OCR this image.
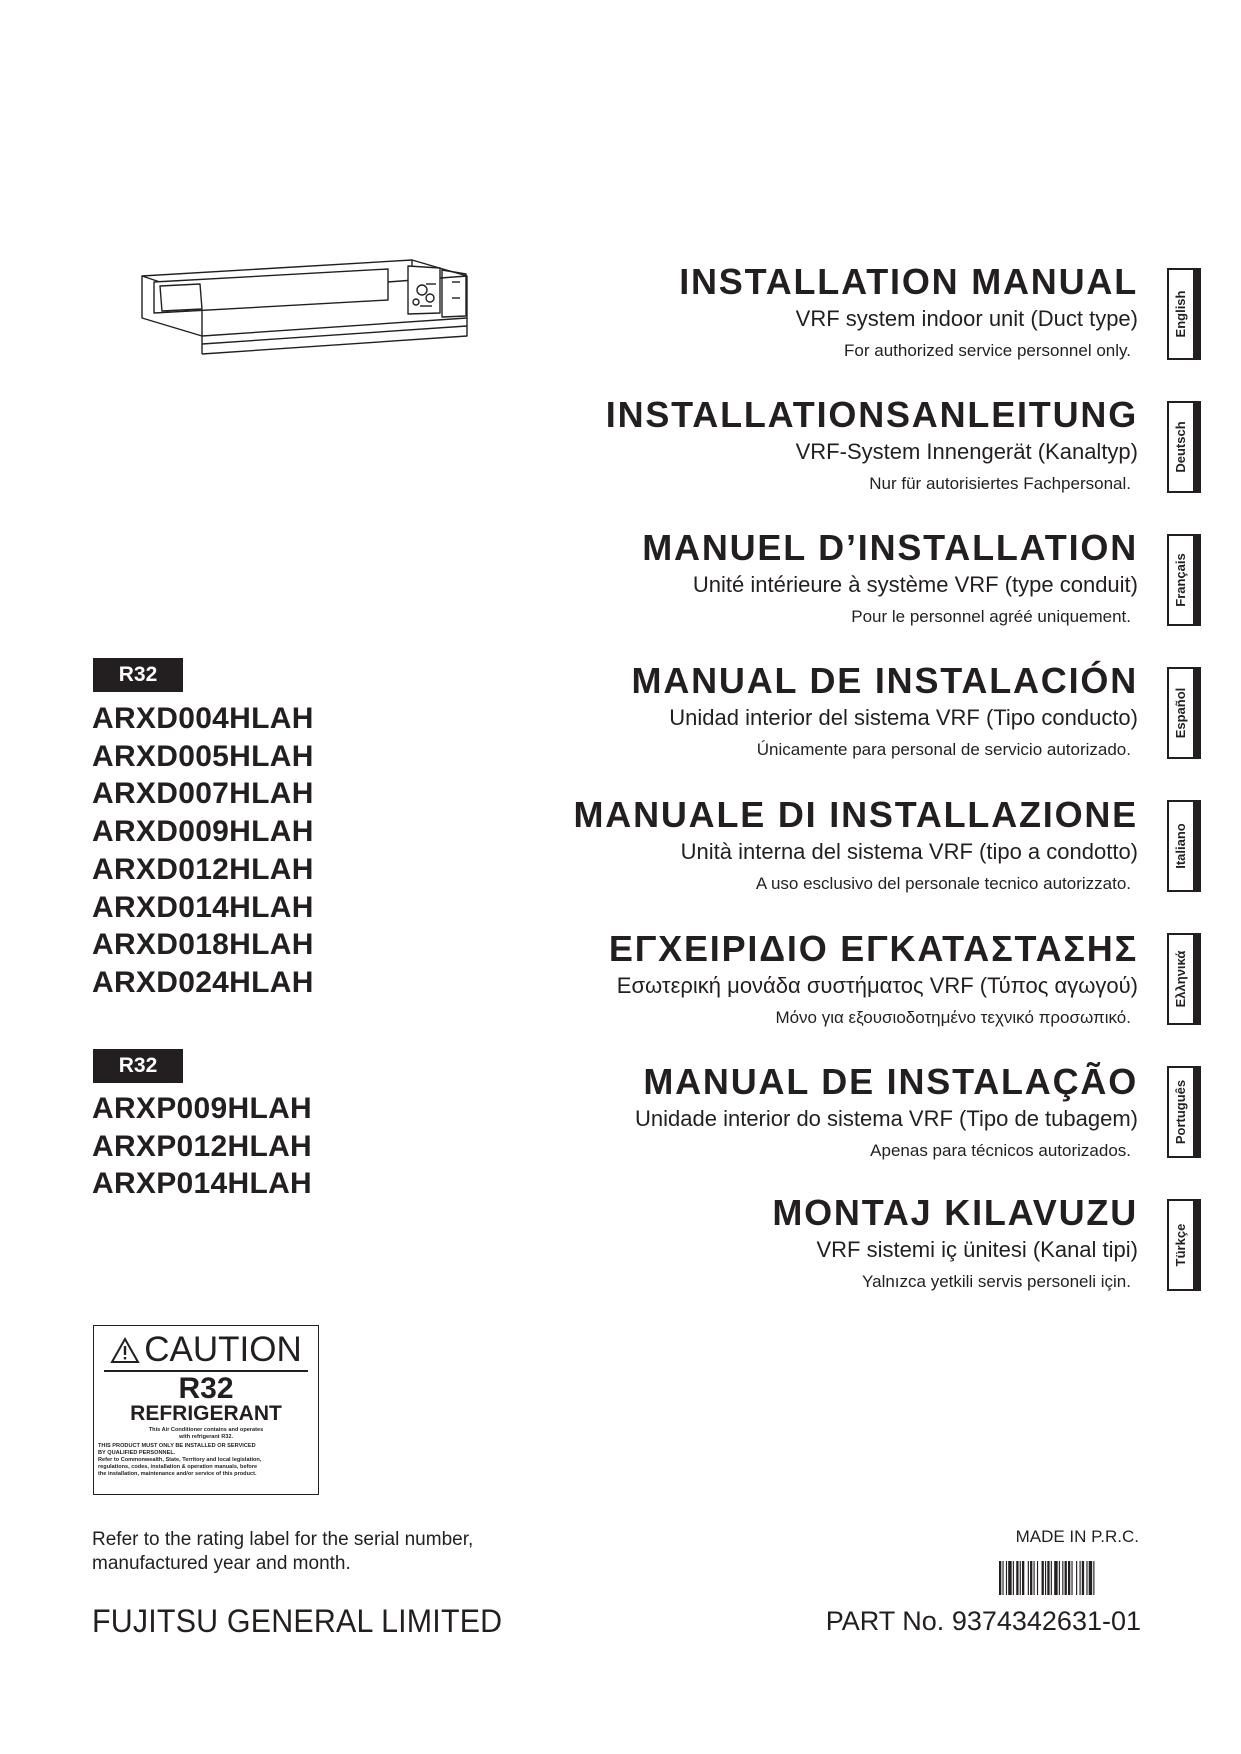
R32
ARXD004HLAH
ARXD005HLAH
ARXD007HLAH
ARXD009HLAH
ARXD012HLAH
ARXD014HLAH
ARXD018HLAH
ARXD024HLAH
R32
ARXP009HLAH
ARXP012HLAH
ARXP014HLAH
CAUTION
R32
REFRIGERANT
This Air Conditioner contains and operates
with refrigerant R32.
THIS PRODUCT MUST ONLY BE INSTALLED OR SERVICED
BY QUALIFIED PERSONNEL.
Refer to Commonwealth, State, Territory and local legislation,
regulations, codes, installation & operation manuals, before
the installation, maintenance and/or service of this product.
Refer to the rating label for the serial number,
manufactured year and month.
FUJITSU GENERAL LIMITED
MADE IN P.R.C.
PART No. 9374342631-01
INSTALLATION MANUAL
VRF system indoor unit (Duct type)
For authorized service personnel only.
INSTALLATIONSANLEITUNG
VRF-System Innengerät (Kanaltyp)
Nur für autorisiertes Fachpersonal.
MANUEL D’INSTALLATION
Unité intérieure à système VRF (type conduit)
Pour le personnel agréé uniquement.
MANUAL DE INSTALACIÓN
Unidad interior del sistema VRF (Tipo conducto)
Únicamente para personal de servicio autorizado.
MANUALE DI INSTALLAZIONE
Unità interna del sistema VRF (tipo a condotto)
A uso esclusivo del personale tecnico autorizzato.
ΕΓΧΕΙΡΙΔΙΟ ΕΓΚΑΤΑΣΤΑΣΗΣ
Εσωτερική μονάδα συστήματος VRF (Τύπος αγωγού)
Μόνο για εξουσιοδοτημένο τεχνικό προσωπικό.
MANUAL DE INSTALAÇÃO
Unidade interior do sistema VRF (Tipo de tubagem)
Apenas para técnicos autorizados.
MONTAJ KILAVUZU
VRF sistemi iç ünitesi (Kanal tipi)
Yalnızca yetkili servis personeli için.
English
Deutsch
Français
Español
Italiano
Ελληνικά
Português
Türkçe
